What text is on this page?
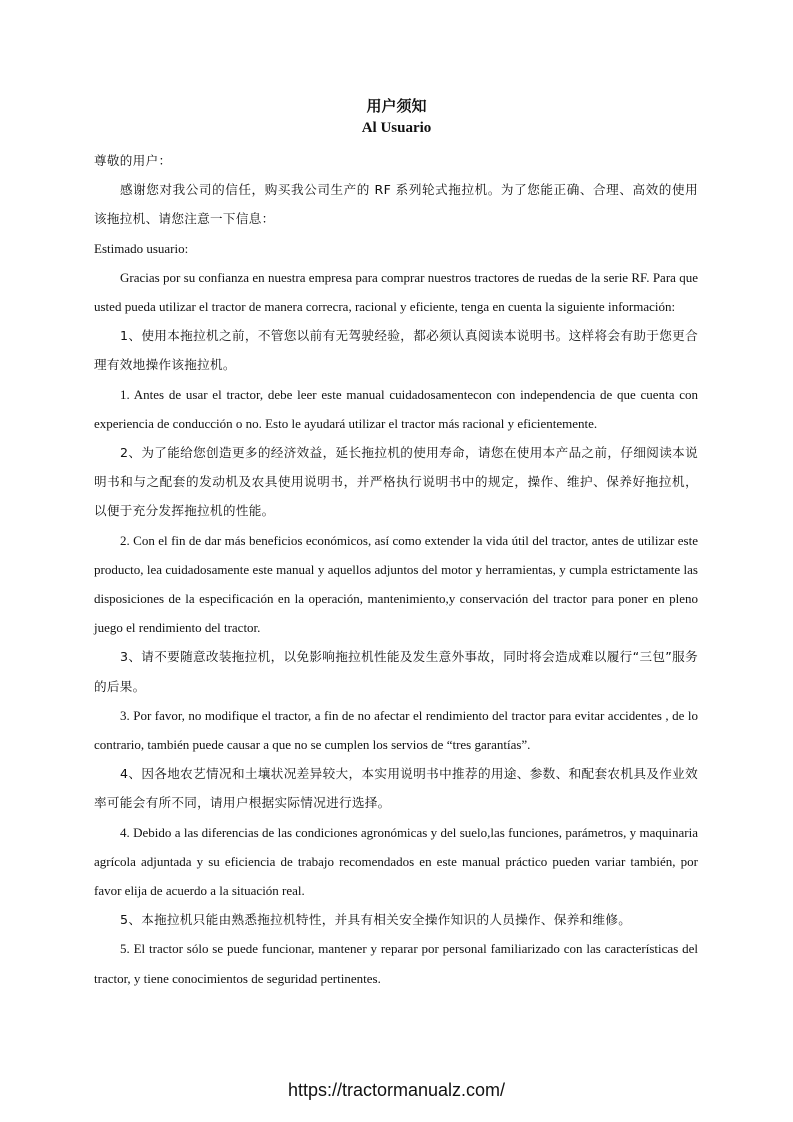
用户须知
Al Usuario

尊敬的用户：

感谢您对我公司的信任，购买我公司生产的 RF 系列轮式拖拉机。为了您能正确、合理、高效的使用该拖拉机、请您注意一下信息：

Estimado usuario:

Gracias por su confianza en nuestra empresa para comprar nuestros tractores de ruedas de la serie RF. Para que usted pueda utilizar el tractor de manera correcra, racional y eficiente, tenga en cuenta la siguiente información:

1、使用本拖拉机之前，不管您以前有无驾驶经验，都必须认真阅读本说明书。这样将会有助于您更合理有效地操作该拖拉机。

1. Antes de usar el tractor, debe leer este manual cuidadosamentecon con independencia de que cuenta con experiencia de conducción o no. Esto le ayudará utilizar el tractor más racional y eficientemente.

2、为了能给您创造更多的经济效益，延长拖拉机的使用寿命，请您在使用本产品之前，仔细阅读本说明书和与之配套的发动机及农具使用说明书，并严格执行说明书中的规定，操作、维护、保养好拖拉机，以便于充分发挥拖拉机的性能。

2. Con el fin de dar más beneficios económicos, así como extender la vida útil del tractor, antes de utilizar este producto, lea cuidadosamente este manual y aquellos adjuntos del motor y herramientas, y cumpla estrictamente las disposiciones de la especificación en la operación, mantenimiento,y conservación del tractor para poner en pleno juego el rendimiento del tractor.

3、请不要随意改装拖拉机，以免影响拖拉机性能及发生意外事故，同时将会造成难以履行“三包”服务的后果。

3. Por favor, no modifique el tractor, a fin de no afectar el rendimiento del tractor para evitar accidentes , de lo contrario, también puede causar a que no se cumplen los servios de “tres garantías”.

4、因各地农艺情况和土壤状况差异较大，本实用说明书中推荐的用途、参数、和配套农机具及作业效率可能会有所不同，请用户根据实际情况进行选择。

4. Debido a las diferencias de las condiciones agronómicas y del suelo,las funciones, parámetros, y maquinaria agrícola adjuntada y su eficiencia de trabajo recomendados en este manual práctico pueden variar también, por favor elija de acuerdo a la situación real.

5、本拖拉机只能由熟悉拖拉机特性，并具有相关安全操作知识的人员操作、保养和维修。

5. El tractor sólo se puede funcionar, mantener y reparar por personal familiarizado con las características del tractor, y tiene conocimientos de seguridad pertinentes.

https://tractormanualz.com/
